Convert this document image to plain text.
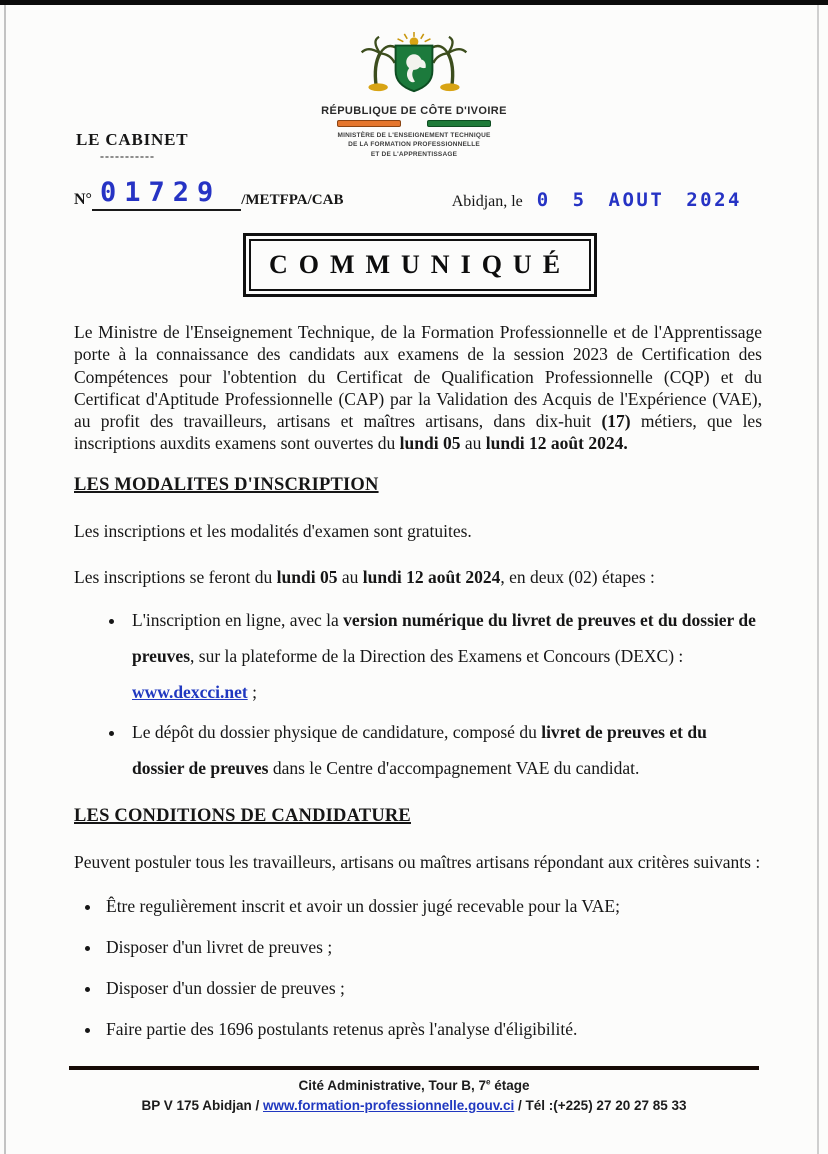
RÉPUBLIQUE DE CÔTE D'IVOIRE
MINISTÈRE DE L'ENSEIGNEMENT TECHNIQUE
DE LA FORMATION PROFESSIONNELLE
ET DE L'APPRENTISSAGE
LE CABINET
-----------
N° 01729	/METFPA/CAB	Abidjan, le 0 5 AOUT 2024
COMMUNIQUÉ

Le Ministre de l'Enseignement Technique, de la Formation Professionnelle et de l'Apprentissage porte à la connaissance des candidats aux examens de la session 2023 de Certification des Compétences pour l'obtention du Certificat de Qualification Professionnelle (CQP) et du Certificat d'Aptitude Professionnelle (CAP) par la Validation des Acquis de l'Expérience (VAE), au profit des travailleurs, artisans et maîtres artisans, dans dix-huit (17) métiers, que les inscriptions auxdits examens sont ouvertes du lundi 05 au lundi 12 août 2024.

LES MODALITES D'INSCRIPTION

Les inscriptions et les modalités d'examen sont gratuites.

Les inscriptions se feront du lundi 05 au lundi 12 août 2024, en deux (02) étapes :

• L'inscription en ligne, avec la version numérique du livret de preuves et du dossier de preuves, sur la plateforme de la Direction des Examens et Concours (DEXC) : www.dexcci.net ;
• Le dépôt du dossier physique de candidature, composé du livret de preuves et du dossier de preuves dans le Centre d'accompagnement VAE du candidat.
LES CONDITIONS DE CANDIDATURE

Peuvent postuler tous les travailleurs, artisans ou maîtres artisans répondant aux critères suivants :

• Être regulièrement inscrit et avoir un dossier jugé recevable pour la VAE;
• Disposer d'un livret de preuves ;
• Disposer d'un dossier de preuves ;
• Faire partie des 1696 postulants retenus après l'analyse d'éligibilité.
Cité Administrative, Tour B, 7e étage
BP V 175 Abidjan / www.formation-professionnelle.gouv.ci / Tél :(+225) 27 20 27 85 33
